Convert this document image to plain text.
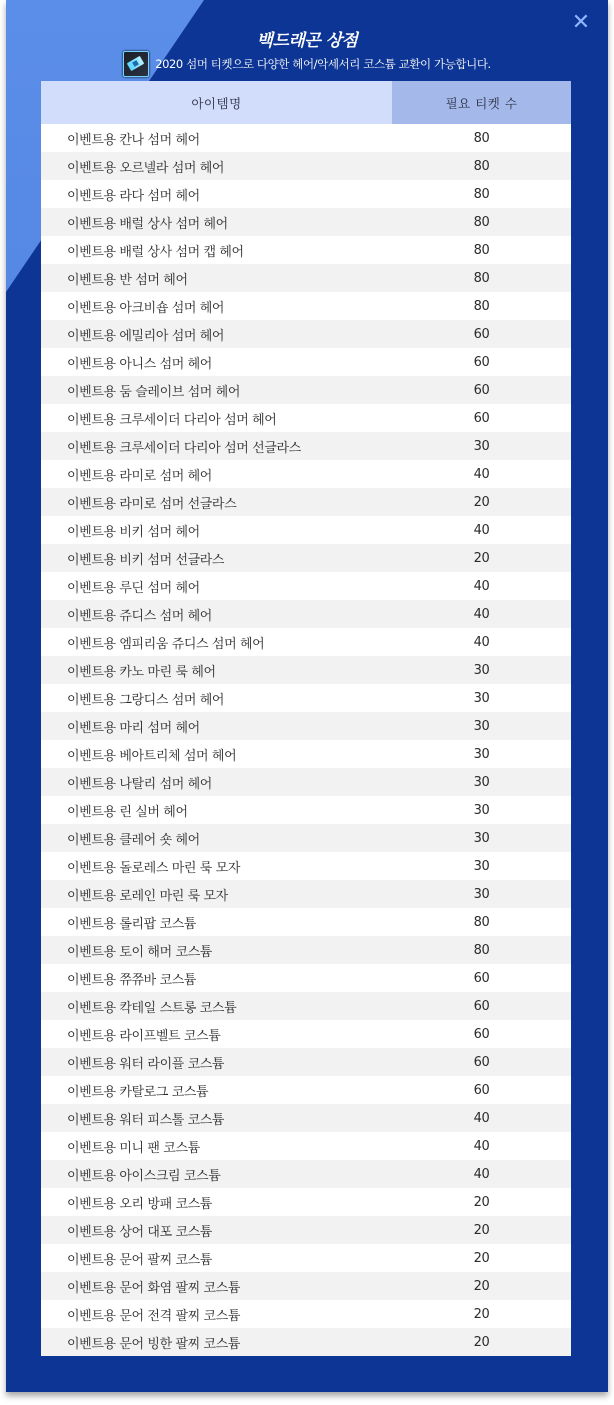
백드래곤 상점
2020 섬머 티켓으로 다양한 헤어/악세서리 코스튬 교환이 가능합니다.
✕
아이템명	필요 티켓 수
이벤트용 칸나 섬머 헤어	80
이벤트용 오르넬라 섬머 헤어	80
이벤트용 라다 섬머 헤어	80
이벤트용 배럴 상사 섬머 헤어	80
이벤트용 배럴 상사 섬머 캡 헤어	80
이벤트용 반 섬머 헤어	80
이벤트용 아크비숍 섬머 헤어	80
이벤트용 에밀리아 섬머 헤어	60
이벤트용 아니스 섬머 헤어	60
이벤트용 둠 슬레이브 섬머 헤어	60
이벤트용 크루세이더 다리아 섬머 헤어	60
이벤트용 크루세이더 다리아 섬머 선글라스	30
이벤트용 라미로 섬머 헤어	40
이벤트용 라미로 섬머 선글라스	20
이벤트용 비키 섬머 헤어	40
이벤트용 비키 섬머 선글라스	20
이벤트용 루딘 섬머 헤어	40
이벤트용 쥬디스 섬머 헤어	40
이벤트용 엠피리움 쥬디스 섬머 헤어	40
이벤트용 카노 마린 룩 헤어	30
이벤트용 그랑디스 섬머 헤어	30
이벤트용 마리 섬머 헤어	30
이벤트용 베아트리체 섬머 헤어	30
이벤트용 나탈리 섬머 헤어	30
이벤트용 린 실버 헤어	30
이벤트용 클레어 숏 헤어	30
이벤트용 돌로레스 마린 룩 모자	30
이벤트용 로레인 마린 룩 모자	30
이벤트용 롤리팝 코스튬	80
이벤트용 토이 해머 코스튬	80
이벤트용 쮸쮸바 코스튬	60
이벤트용 칵테일 스트롱 코스튬	60
이벤트용 라이프벨트 코스튬	60
이벤트용 워터 라이플 코스튬	60
이벤트용 카탈로그 코스튬	60
이벤트용 워터 피스톨 코스튬	40
이벤트용 미니 팬 코스튬	40
이벤트용 아이스크림 코스튬	40
이벤트용 오리 방패 코스튬	20
이벤트용 상어 대포 코스튬	20
이벤트용 문어 팔찌 코스튬	20
이벤트용 문어 화염 팔찌 코스튬	20
이벤트용 문어 전격 팔찌 코스튬	20
이벤트용 문어 빙한 팔찌 코스튬	20
